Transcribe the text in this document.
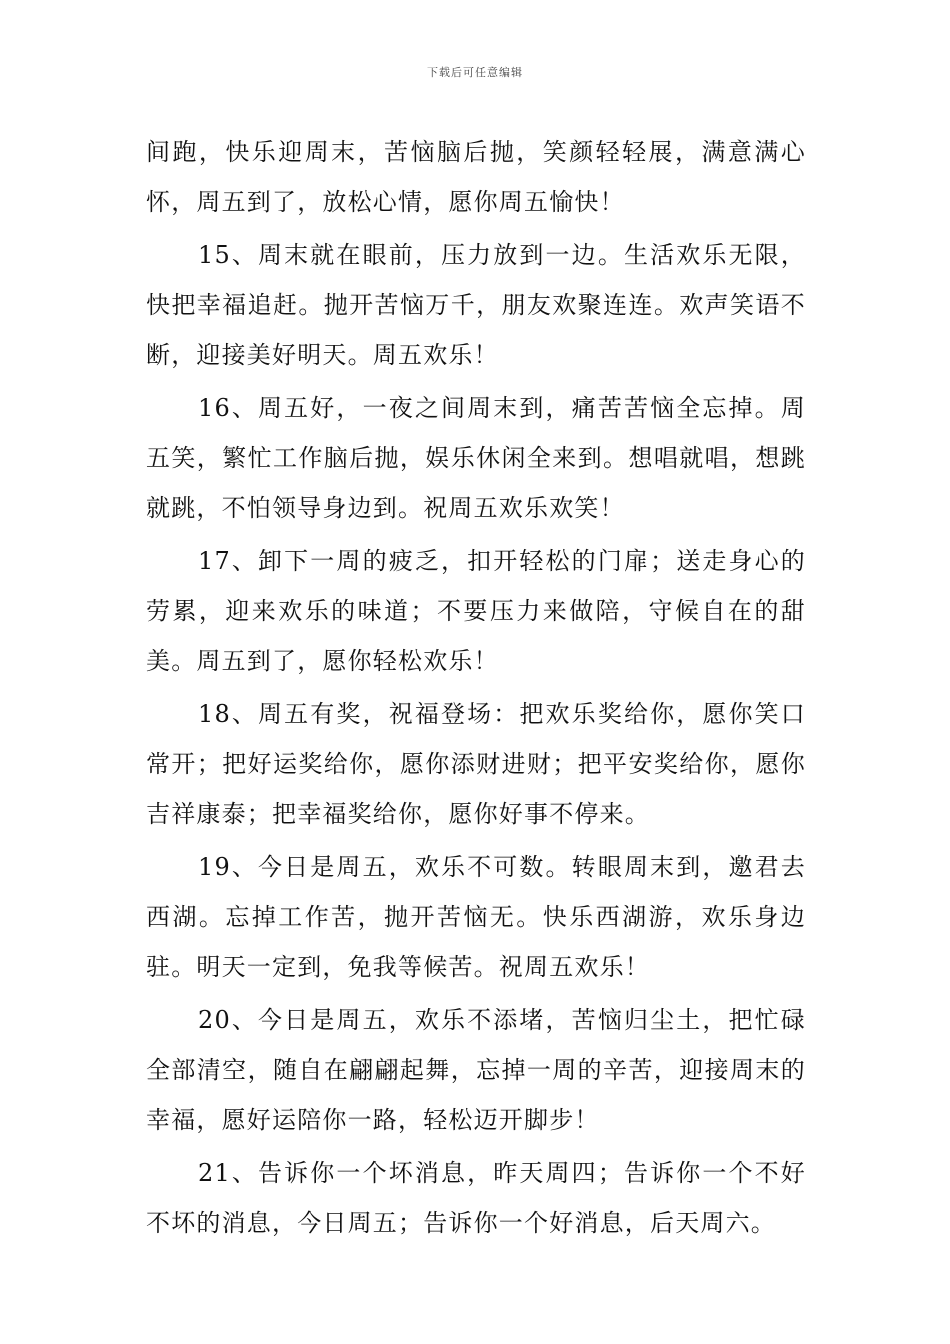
下载后可任意编辑

间跑，快乐迎周末，苦恼脑后抛，笑颜轻轻展，满意满心怀，周五到了，放松心情，愿你周五愉快！

15、周末就在眼前，压力放到一边。生活欢乐无限，快把幸福追赶。抛开苦恼万千，朋友欢聚连连。欢声笑语不断，迎接美好明天。周五欢乐！

16、周五好，一夜之间周末到，痛苦苦恼全忘掉。周五笑，繁忙工作脑后抛，娱乐休闲全来到。想唱就唱，想跳就跳，不怕领导身边到。祝周五欢乐欢笑！

17、卸下一周的疲乏，扣开轻松的门扉；送走身心的劳累，迎来欢乐的味道；不要压力来做陪，守候自在的甜美。周五到了，愿你轻松欢乐！

18、周五有奖，祝福登场：把欢乐奖给你，愿你笑口常开；把好运奖给你，愿你添财进财；把平安奖给你，愿你吉祥康泰；把幸福奖给你，愿你好事不停来。

19、今日是周五，欢乐不可数。转眼周末到，邀君去西湖。忘掉工作苦，抛开苦恼无。快乐西湖游，欢乐身边驻。明天一定到，免我等候苦。祝周五欢乐！

20、今日是周五，欢乐不添堵，苦恼归尘土，把忙碌全部清空，随自在翩翩起舞，忘掉一周的辛苦，迎接周末的幸福，愿好运陪你一路，轻松迈开脚步！

21、告诉你一个坏消息，昨天周四；告诉你一个不好不坏的消息，今日周五；告诉你一个好消息，后天周六。
